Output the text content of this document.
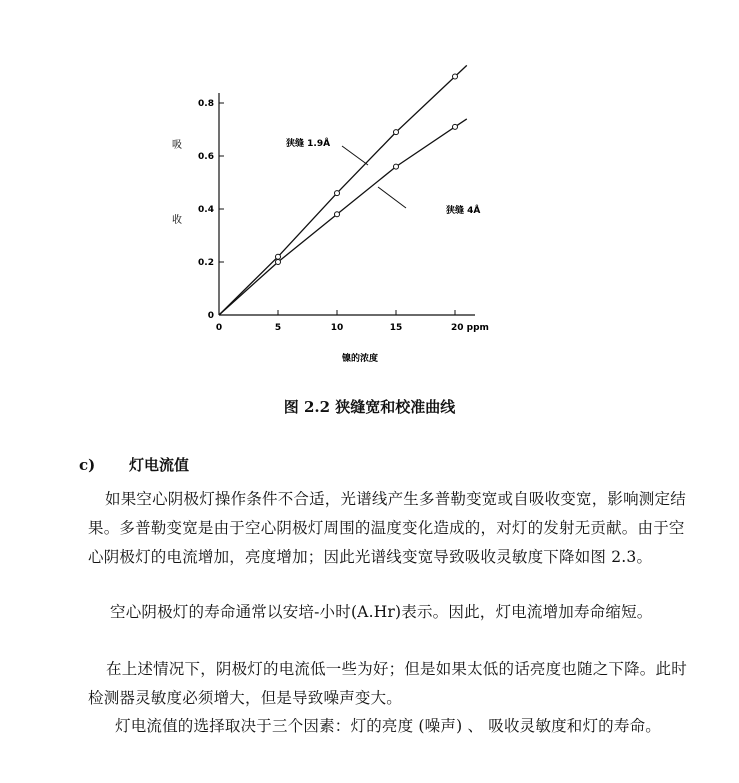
0	5	10	15	20 ppm
0
0.2
0.4
0.6
0.8
吸
收
镍的浓度
狭缝 1.9Å
狭缝 4Å
图 2.2 狭缝宽和校准曲线
c) 灯电流值

如果空心阴极灯操作条件不合适，光谱线产生多普勒变宽或自吸收变宽，影响测定结果。多普勒变宽是由于空心阴极灯周围的温度变化造成的，对灯的发射无贡献。由于空心阴极灯的电流增加，亮度增加；因此光谱线变宽导致吸收灵敏度下降如图 2.3。

空心阴极灯的寿命通常以安培-小时(A.Hr)表示。因此，灯电流增加寿命缩短。

在上述情况下，阴极灯的电流低一些为好；但是如果太低的话亮度也随之下降。此时检测器灵敏度必须增大，但是导致噪声变大。

灯电流值的选择取决于三个因素：灯的亮度 (噪声) 、 吸收灵敏度和灯的寿命。
